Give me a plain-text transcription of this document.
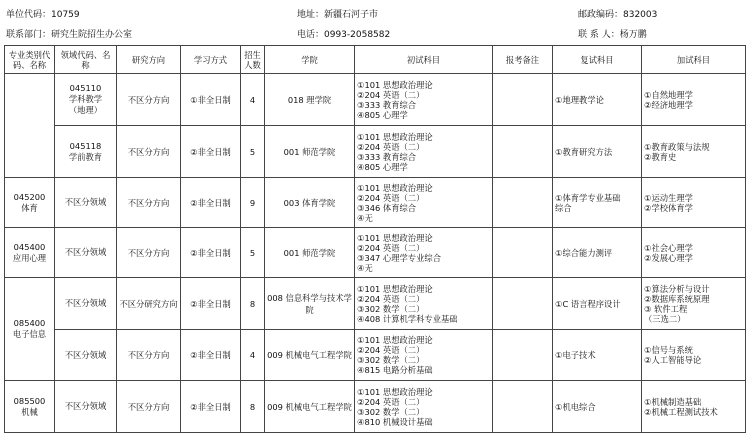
单位代码：10759	地址：新疆石河子市	邮政编码：832003
联系部门：研究生院招生办公室	电话：0993-2058582	联 系 人：杨万鹏
专业类别代码、名称	领域代码、名 称	研究方向	学习方式	招生人数	学院	初试科目	报考备注	复试科目	加试科目

	045110
学科教学
（地理）	不区分方向	①非全日制	4	018 理学院	①101 思想政治理论
②204 英语（二）
③333 教育综合
④805 心理学		①地理教学论	①自然地理学
②经济地理学

	045118
学前教育	不区分方向	②非全日制	5	001 师范学院	①101 思想政治理论
②204 英语（二）
③333 教育综合
④805 心理学		①教育研究方法	①教育政策与法规
②教育史

045200
体育	不区分领域	不区分方向	②非全日制	9	003 体育学院	①101 思想政治理论
②204 英语（二）
③346 体育综合
④无		①体育学专业基础
综合	①运动生理学
②学校体育学

045400
应用心理	不区分领域	不区分方向	②非全日制	5	001 师范学院	①101 思想政治理论
②204 英语（二）
③347 心理学专业综合
④无		①综合能力测评	①社会心理学
②发展心理学

085400
电子信息	不区分领域	不区分研究方向	②非全日制	8	008 信息科学与技术学院	①101 思想政治理论
②204 英语（二）
③302 数学（二）
④408 计算机学科专业基础		①C 语言程序设计	①算法分析与设计
②数据库系统原理
③ 软件工程
（三选二）

	不区分领域	不区分方向	②非全日制	4	009 机械电气工程学院	①101 思想政治理论
②204 英语（二）
③302 数学（二）
④815 电路分析基础		①电子技术	①信号与系统
②人工智能导论

085500
机械	不区分领域	不区分方向	②非全日制	8	009 机械电气工程学院	①101 思想政治理论
②204 英语（二）
③302 数学（二）
④810 机械设计基础		①机电综合	①机械制造基础
②机械工程测试技术
